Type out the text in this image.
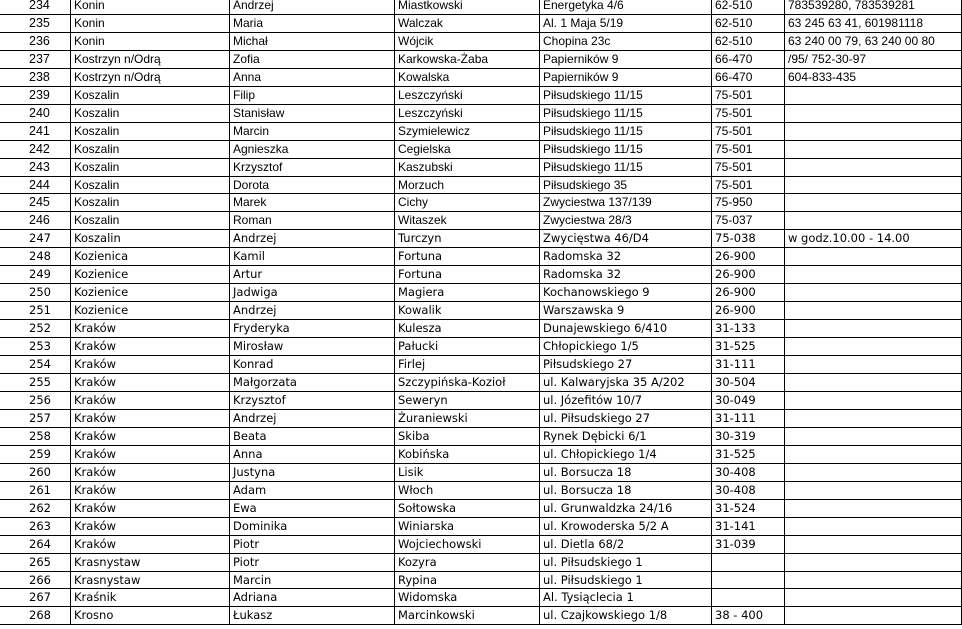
234	Konin	Andrzej	Miastkowski	Energetyka 4/6	62-510	783539280, 783539281
235	Konin	Maria	Walczak	Al. 1 Maja 5/19	62-510	63 245 63 41, 601981118
236	Konin	Michał	Wójcik	Chopina 23c	62-510	63 240 00 79, 63 240 00 80
237	Kostrzyn n/Odrą	Zofia	Karkowska-Żaba	Papierników 9	66-470	/95/ 752-30-97
238	Kostrzyn n/Odrą	Anna	Kowalska	Papierników 9	66-470	604-833-435
239	Koszalin	Filip	Leszczyński	Piłsudskiego 11/15	75-501	
240	Koszalin	Stanisław	Leszczyński	Piłsudskiego 11/15	75-501	
241	Koszalin	Marcin	Szymielewicz	Piłsudskiego 11/15	75-501	
242	Koszalin	Agnieszka	Cegielska	Piłsudskiego 11/15	75-501	
243	Koszalin	Krzysztof	Kaszubski	Piłsudskiego 11/15	75-501	
244	Koszalin	Dorota	Morzuch	Piłsudskiego 35	75-501	
245	Koszalin	Marek	Cichy	Zwyciestwa 137/139	75-950	
246	Koszalin	Roman	Witaszek	Zwyciestwa 28/3	75-037	
247	Koszalin	Andrzej	Turczyn	Zwycięstwa 46/D4	75-038	w godz.10.00 - 14.00
248	Kozienica	Kamil	Fortuna	Radomska 32	26-900	
249	Kozienice	Artur	Fortuna	Radomska 32	26-900	
250	Kozienice	Jadwiga	Magiera	Kochanowskiego 9	26-900	
251	Kozienice	Andrzej	Kowalik	Warszawska 9	26-900	
252	Kraków	Fryderyka	Kulesza	Dunajewskiego 6/410	31-133	
253	Kraków	Mirosław	Pałucki	Chłopickiego 1/5	31-525	
254	Kraków	Konrad	Firlej	Piłsudskiego 27	31-111	
255	Kraków	Małgorzata	Szczypińska-Kozioł	ul. Kalwaryjska 35 A/202	30-504	
256	Kraków	Krzysztof	Seweryn	ul. Józefitów 10/7	30-049	
257	Kraków	Andrzej	Żuraniewski	ul. Piłsudskiego 27	31-111	
258	Kraków	Beata	Skiba	Rynek Dębicki 6/1	30-319	
259	Kraków	Anna	Kobińska	ul. Chłopickiego 1/4	31-525	
260	Kraków	Justyna	Lisik	ul. Borsucza 18	30-408	
261	Kraków	Adam	Włoch	ul. Borsucza 18	30-408	
262	Kraków	Ewa	Sołtowska	ul. Grunwaldzka 24/16	31-524	
263	Kraków	Dominika	Winiarska	ul. Krowoderska 5/2 A	31-141	
264	Kraków	Piotr	Wojciechowski	ul. Dietla 68/2	31-039	
265	Krasnystaw	Piotr	Kozyra	ul. Piłsudskiego 1		
266	Krasnystaw	Marcin	Rypina	ul. Piłsudskiego 1		
267	Kraśnik	Adriana	Widomska	Al. Tysiąclecia 1		
268	Krosno	Łukasz	Marcinkowski	ul. Czajkowskiego 1/8	38 - 400	
